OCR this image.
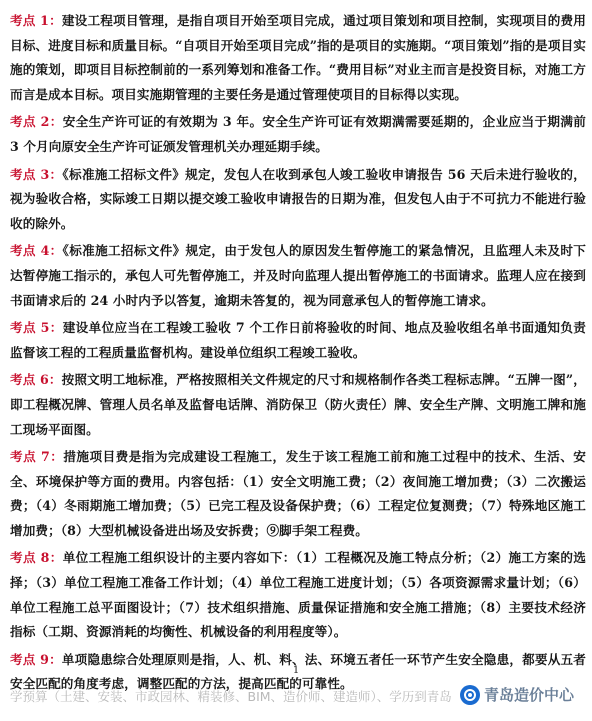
考点 1：建设工程项目管理，是指自项目开始至项目完成，通过项目策划和项目控制，实现项目的费用目标、进度目标和质量目标。“自项目开始至项目完成”指的是项目的实施期。“项目策划”指的是项目实施的策划，即项目目标控制前的一系列筹划和准备工作。“费用目标”对业主而言是投资目标，对施工方而言是成本目标。项目实施期管理的主要任务是通过管理使项目的目标得以实现。

考点 2：安全生产许可证的有效期为 3 年。安全生产许可证有效期满需要延期的，企业应当于期满前 3 个月向原安全生产许可证颁发管理机关办理延期手续。

考点 3：《标准施工招标文件》规定，发包人在收到承包人竣工验收申请报告 56 天后未进行验收的，视为验收合格，实际竣工日期以提交竣工验收申请报告的日期为准，但发包人由于不可抗力不能进行验收的除外。

考点 4：《标准施工招标文件》规定，由于发包人的原因发生暂停施工的紧急情况，且监理人未及时下达暂停施工指示的，承包人可先暂停施工，并及时向监理人提出暂停施工的书面请求。监理人应在接到书面请求后的 24 小时内予以答复，逾期未答复的，视为同意承包人的暂停施工请求。

考点 5：建设单位应当在工程竣工验收 7 个工作日前将验收的时间、地点及验收组名单书面通知负责监督该工程的工程质量监督机构。建设单位组织工程竣工验收。

考点 6：按照文明工地标准，严格按照相关文件规定的尺寸和规格制作各类工程标志牌。“五牌一图”，即工程概况牌、管理人员名单及监督电话牌、消防保卫（防火责任）牌、安全生产牌、文明施工牌和施工现场平面图。

考点 7：措施项目费是指为完成建设工程施工，发生于该工程施工前和施工过程中的技术、生活、安全、环境保护等方面的费用。内容包括：（1）安全文明施工费；（2）夜间施工增加费；（3）二次搬运费；（4）冬雨期施工增加费；（5）已完工程及设备保护费；（6）工程定位复测费；（7）特殊地区施工增加费；（8）大型机械设备进出场及安拆费；⑨脚手架工程费。

考点 8：单位工程施工组织设计的主要内容如下：（1）工程概况及施工特点分析；（2）施工方案的选择；（3）单位工程施工准备工作计划；（4）单位工程施工进度计划；（5）各项资源需求量计划；（6）单位工程施工总平面图设计；（7）技术组织措施、质量保证措施和安全施工措施；（8）主要技术经济指标（工期、资源消耗的均衡性、机械设备的利用程度等）。

考点 9：单项隐患综合处理原则是指，人、机、料、法、环境五者任一环节产生安全隐患，都要从五者安全匹配的角度考虑，调整匹配的方法，提高匹配的可靠性。

1
学预算（土建、安装、市政园林、精装修、BIM、造价师、建造师）、学历到青岛 青岛造价中心
